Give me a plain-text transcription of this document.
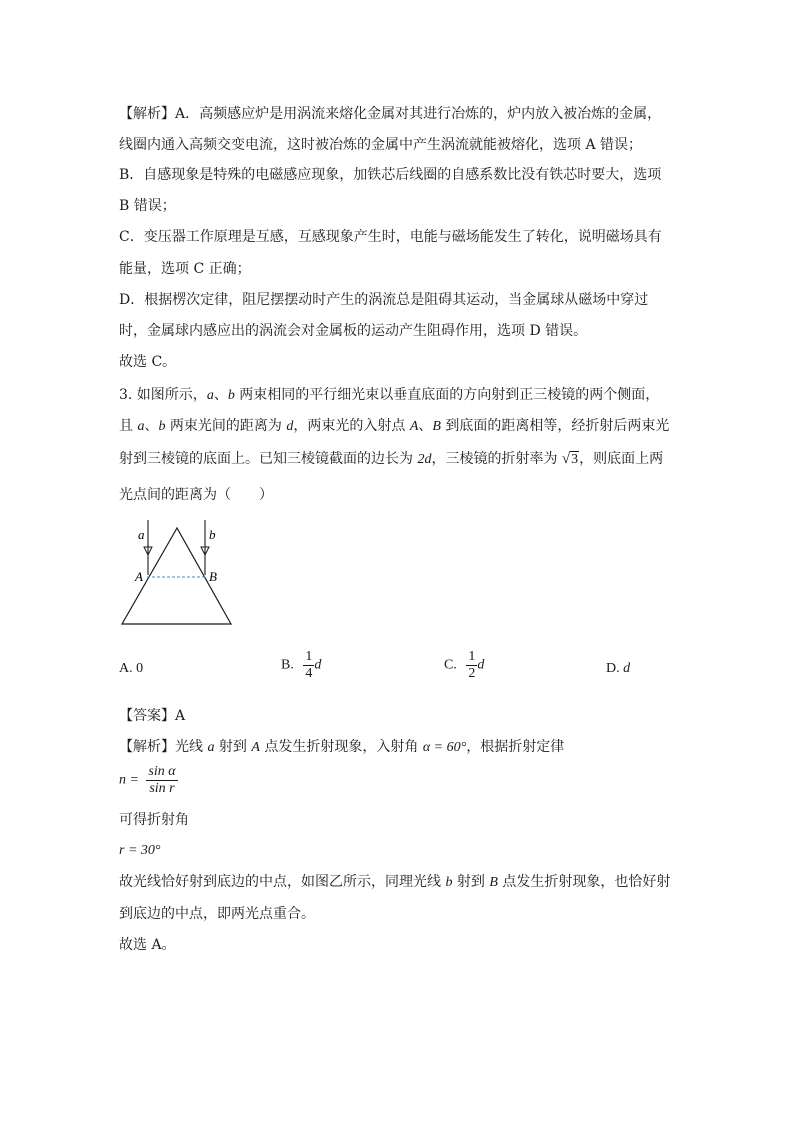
【解析】A．高频感应炉是用涡流来熔化金属对其进行冶炼的，炉内放入被冶炼的金属，
线圈内通入高频交变电流，这时被冶炼的金属中产生涡流就能被熔化，选项 A 错误；
B．自感现象是特殊的电磁感应现象，加铁芯后线圈的自感系数比没有铁芯时要大，选项
B 错误；
C．变压器工作原理是互感，互感现象产生时，电能与磁场能发生了转化，说明磁场具有
能量，选项 C 正确；
D．根据楞次定律，阻尼摆摆动时产生的涡流总是阻碍其运动，当金属球从磁场中穿过
时，金属球内感应出的涡流会对金属板的运动产生阻碍作用，选项 D 错误。
故选 C。
3. 如图所示，a、b 两束相同的平行细光束以垂直底面的方向射到正三棱镜的两个侧面，
且 a、b 两束光间的距离为 d，两束光的入射点 A、B 到底面的距离相等，经折射后两束光
射到三棱镜的底面上。已知三棱镜截面的边长为 2d，三棱镜的折射率为 √3，则底面上两
光点间的距离为（　　）
a	b
A	B
A. 0	B. $\frac{1}{4}$ d	C. $\frac{1}{2}$ d	D. d
【答案】A
【解析】光线 a 射到 A 点发生折射现象，入射角 α = 60°，根据折射定律
$n = \frac{\text{sin α}}{\text{sin r}}$
可得折射角
r = 30°
故光线恰好射到底边的中点，如图乙所示，同理光线 b 射到 B 点发生折射现象，也恰好射
到底边的中点，即两光点重合。
故选 A。
